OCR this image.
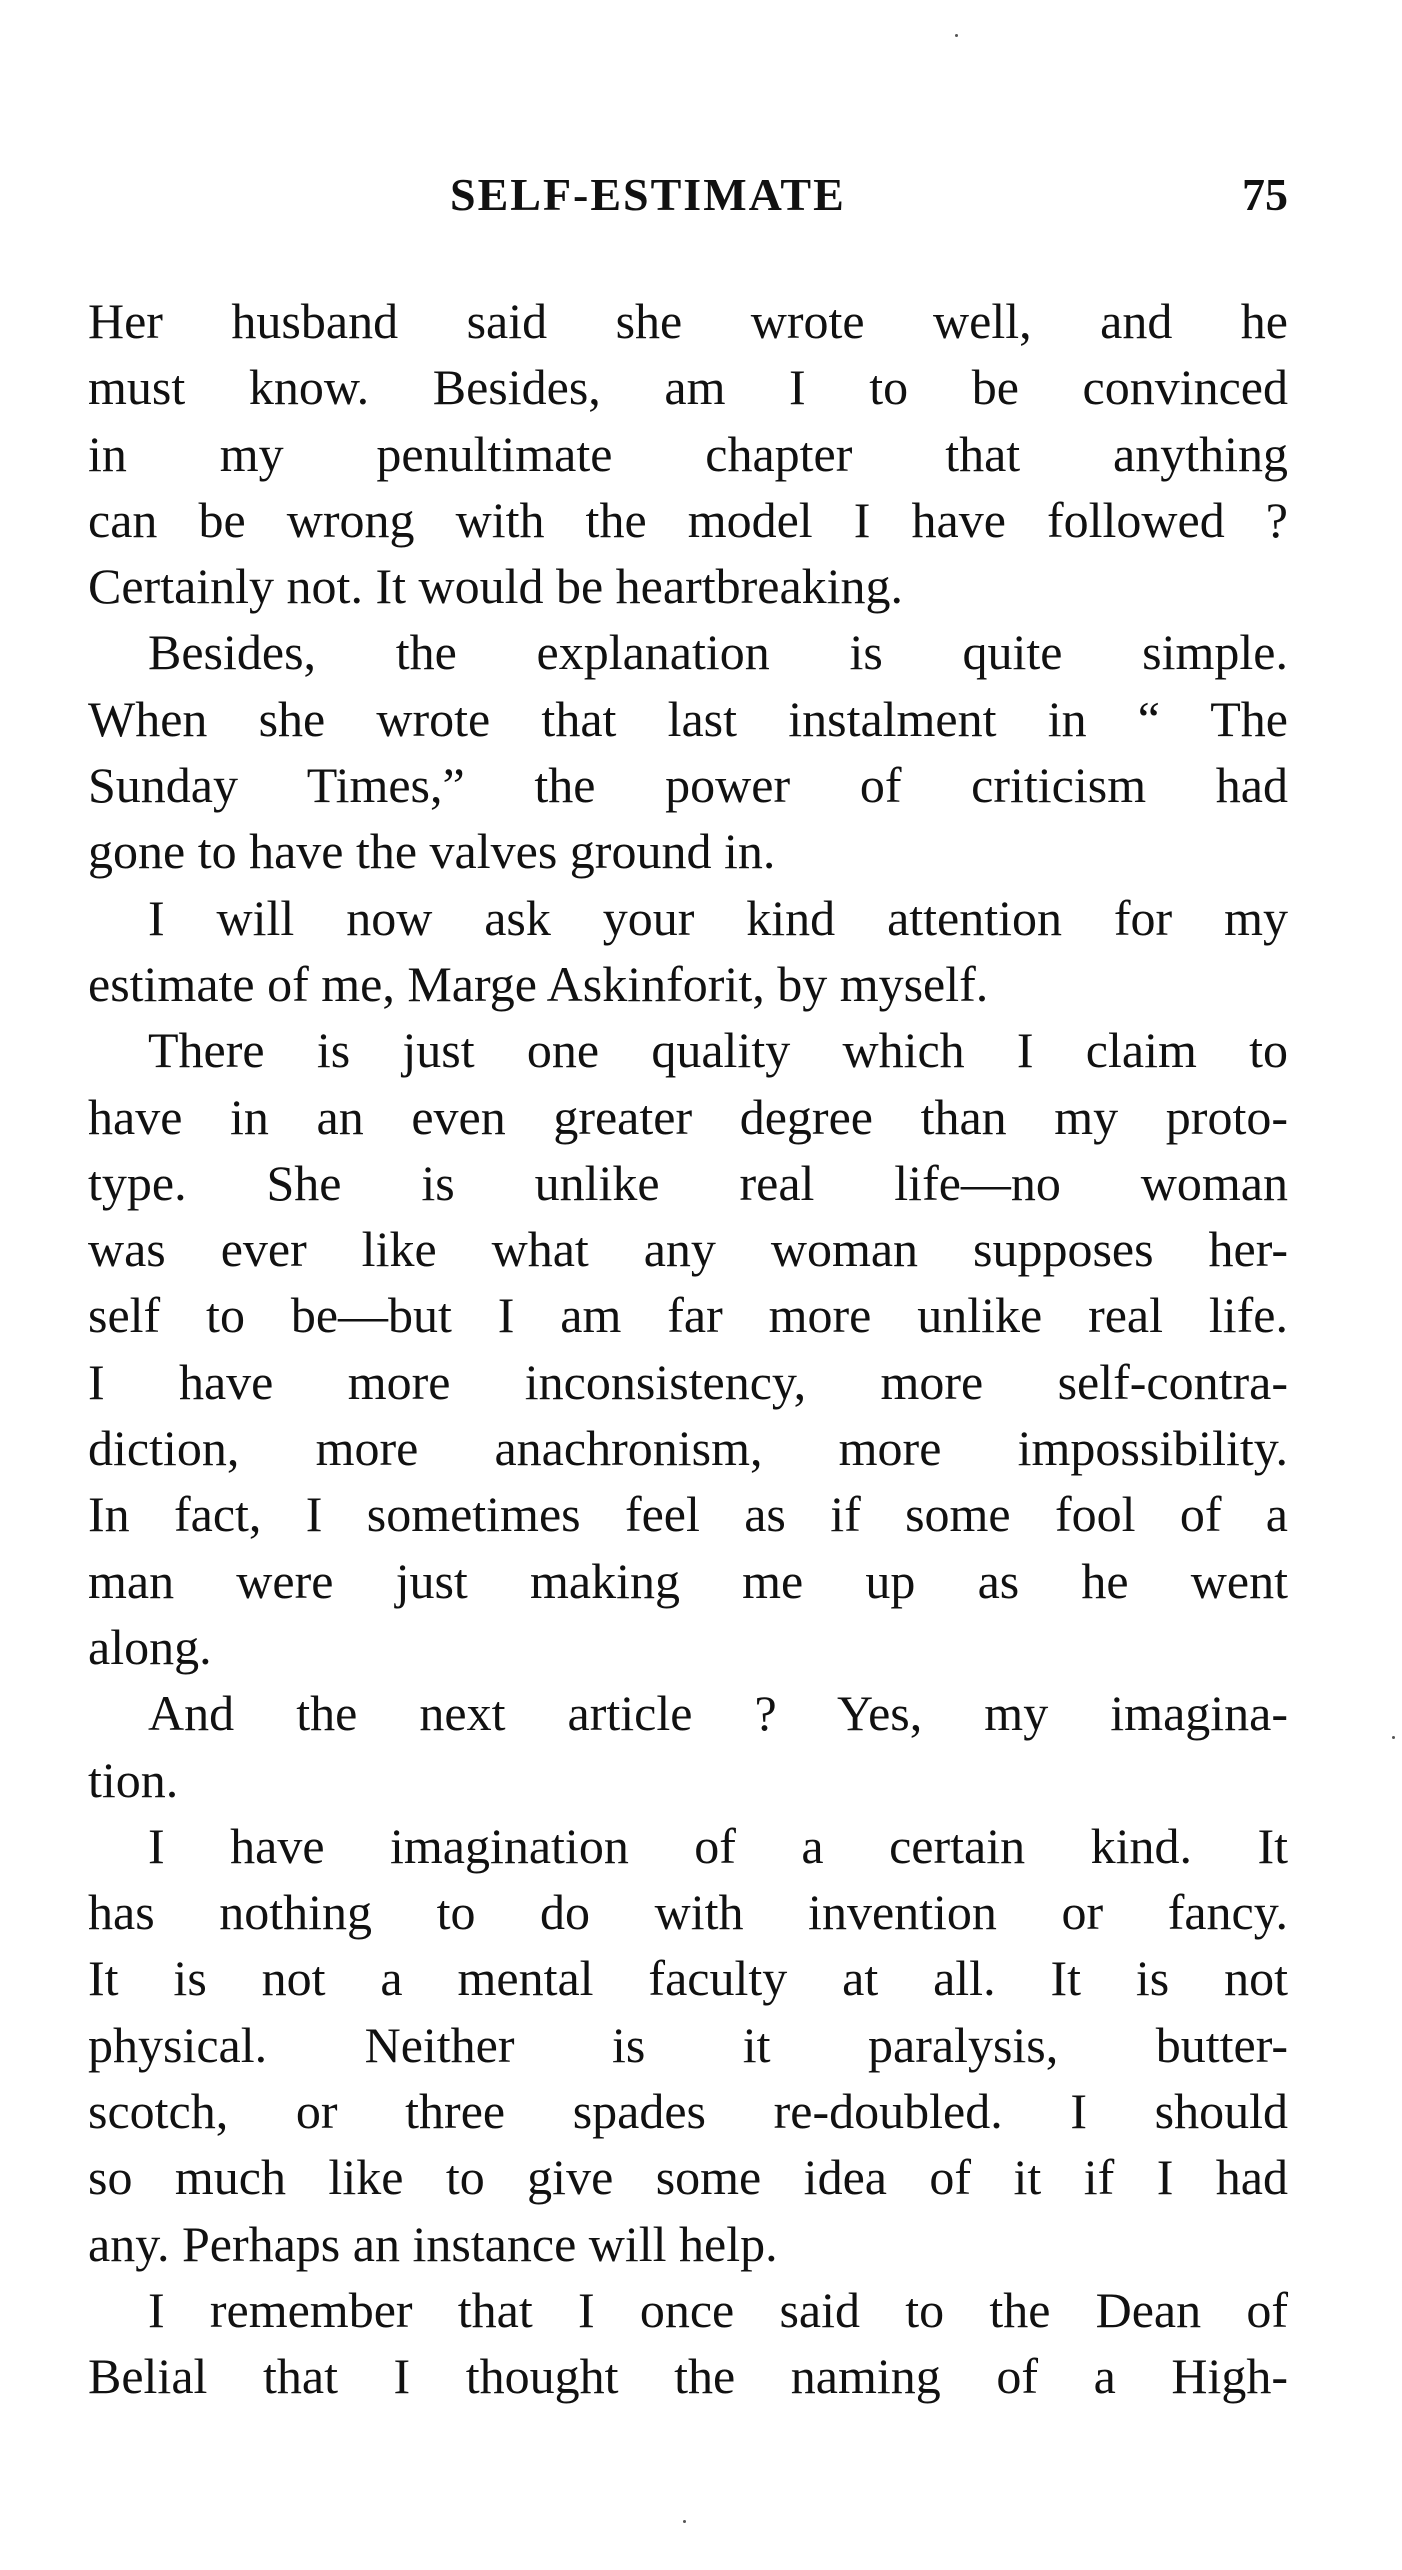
SELF-ESTIMATE	75
Her husband said she wrote well, and he
must know. Besides, am I to be convinced
in my penultimate chapter that anything
can be wrong with the model I have followed ?
Certainly not. It would be heartbreaking.
Besides, the explanation is quite simple.
When she wrote that last instalment in “ The
Sunday Times,” the power of criticism had
gone to have the valves ground in.
I will now ask your kind attention for my
estimate of me, Marge Askinforit, by myself.
There is just one quality which I claim to
have in an even greater degree than my proto-
type. She is unlike real life—no woman
was ever like what any woman supposes her-
self to be—but I am far more unlike real life.
I have more inconsistency, more self-contra-
diction, more anachronism, more impossibility.
In fact, I sometimes feel as if some fool of a
man were just making me up as he went
along.
And the next article ? Yes, my imagina-
tion.
I have imagination of a certain kind. It
has nothing to do with invention or fancy.
It is not a mental faculty at all. It is not
physical. Neither is it paralysis, butter-
scotch, or three spades re-doubled. I should
so much like to give some idea of it if I had
any. Perhaps an instance will help.
I remember that I once said to the Dean of
Belial that I thought the naming of a High-
